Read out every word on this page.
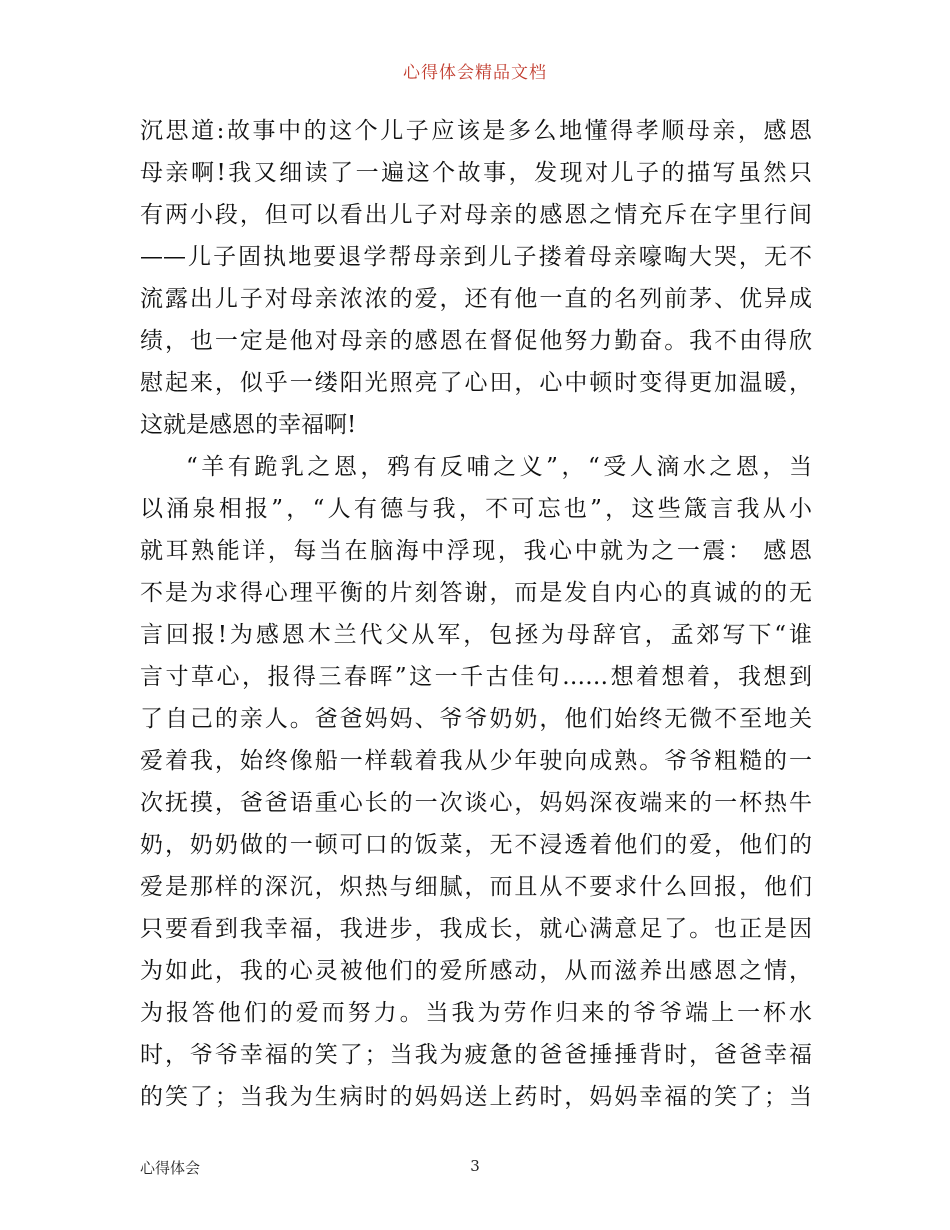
心得体会精品文档
沉思道:故事中的这个儿子应该是多么地懂得孝顺母亲，感恩
母亲啊!我又细读了一遍这个故事，发现对儿子的描写虽然只
有两小段，但可以看出儿子对母亲的感恩之情充斥在字里行间
——儿子固执地要退学帮母亲到儿子搂着母亲嚎啕大哭，无不
流露出儿子对母亲浓浓的爱，还有他一直的名列前茅、优异成
绩，也一定是他对母亲的感恩在督促他努力勤奋。我不由得欣
慰起来，似乎一缕阳光照亮了心田，心中顿时变得更加温暖，
这就是感恩的幸福啊!
“羊有跪乳之恩，鸦有反哺之义”，“受人滴水之恩，当
以涌泉相报”，“人有德与我，不可忘也”，这些箴言我从小
就耳熟能详，每当在脑海中浮现，我心中就为之一震： 感恩
不是为求得心理平衡的片刻答谢，而是发自内心的真诚的的无
言回报!为感恩木兰代父从军，包拯为母辞官，孟郊写下“谁
言寸草心，报得三春晖”这一千古佳句……想着想着，我想到
了自己的亲人。爸爸妈妈、爷爷奶奶，他们始终无微不至地关
爱着我，始终像船一样载着我从少年驶向成熟。爷爷粗糙的一
次抚摸，爸爸语重心长的一次谈心，妈妈深夜端来的一杯热牛
奶，奶奶做的一顿可口的饭菜，无不浸透着他们的爱，他们的
爱是那样的深沉，炽热与细腻，而且从不要求什么回报，他们
只要看到我幸福，我进步，我成长，就心满意足了。也正是因
为如此，我的心灵被他们的爱所感动，从而滋养出感恩之情，
为报答他们的爱而努力。当我为劳作归来的爷爷端上一杯水
时，爷爷幸福的笑了；当我为疲惫的爸爸捶捶背时，爸爸幸福
的笑了；当我为生病时的妈妈送上药时，妈妈幸福的笑了；当
心得体会	3
